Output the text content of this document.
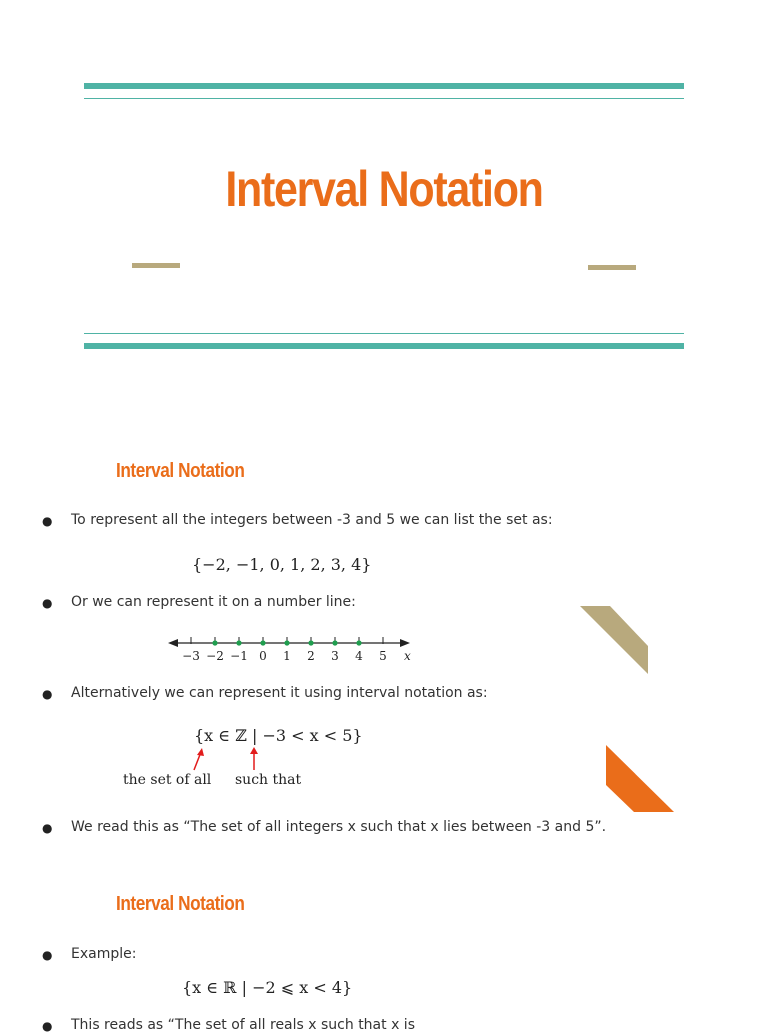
Interval Notation
Interval Notation
● To represent all the integers between -3 and 5 we can list the set as:
{−2, −1, 0, 1, 2, 3, 4}
● Or we can represent it on a number line:
−3 −2 −1 0 1 2 3 4 5 x
● Alternatively we can represent it using interval notation as:
{x ∈ ℤ | −3 < x < 5}
the set of all such that
● We read this as “The set of all integers x such that x lies between -3 and 5”.
Interval Notation
● Example:
{x ∈ ℝ | −2 ⩽ x < 4}
● This reads as “The set of all reals x such that x is
